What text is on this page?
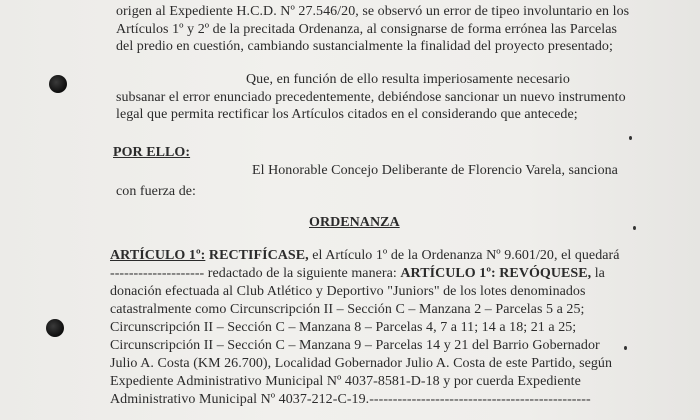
origen al Expediente H.C.D. Nº 27.546/20, se observó un error de tipeo involuntario en los
Artículos 1º y 2º de la precitada Ordenanza, al consignarse de forma errónea las Parcelas
del predio en cuestión, cambiando sustancialmente la finalidad del proyecto presentado;
Que, en función de ello resulta imperiosamente necesario
subsanar el error enunciado precedentemente, debiéndose sancionar un nuevo instrumento
legal que permita rectificar los Artículos citados en el considerando que antecede;
POR ELLO:
El Honorable Concejo Deliberante de Florencio Varela, sanciona
con fuerza de:
ORDENANZA
ARTÍCULO 1º: RECTIFÍCASE, el Artículo 1º de la Ordenanza Nº 9.601/20, el quedará
-------------------- redactado de la siguiente manera: ARTÍCULO 1º: REVÓQUESE, la
donación efectuada al Club Atlético y Deportivo "Juniors" de los lotes denominados
catastralmente como Circunscripción II – Sección C – Manzana 2 – Parcelas 5 a 25;
Circunscripción II – Sección C – Manzana 8 – Parcelas 4, 7 a 11; 14 a 18; 21 a 25;
Circunscripción II – Sección C – Manzana 9 – Parcelas 14 y 21 del Barrio Gobernador
Julio A. Costa (KM 26.700), Localidad Gobernador Julio A. Costa de este Partido, según
Expediente Administrativo Municipal Nº 4037-8581-D-18 y por cuerda Expediente
Administrativo Municipal Nº 4037-212-C-19.-----------------------------------------------
